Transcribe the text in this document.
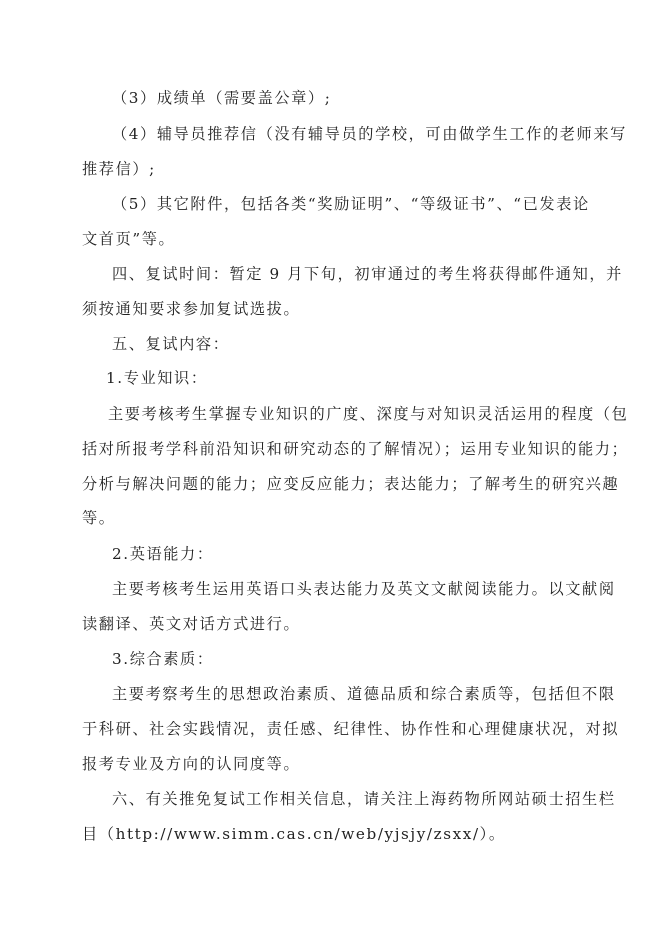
（3）成绩单（需要盖公章）;
（4）辅导员推荐信（没有辅导员的学校，可由做学生工作的老师来写
推荐信）;
（5）其它附件，包括各类“奖励证明”、“等级证书”、“已发表论
文首页”等。
四、复试时间：暂定 9 月下旬，初审通过的考生将获得邮件通知，并
须按通知要求参加复试选拔。
五、复试内容：
1.专业知识：
主要考核考生掌握专业知识的广度、深度与对知识灵活运用的程度（包
括对所报考学科前沿知识和研究动态的了解情况）；运用专业知识的能力；
分析与解决问题的能力；应变反应能力；表达能力；了解考生的研究兴趣
等。
2.英语能力：
主要考核考生运用英语口头表达能力及英文文献阅读能力。以文献阅
读翻译、英文对话方式进行。
3.综合素质：
主要考察考生的思想政治素质、道德品质和综合素质等，包括但不限
于科研、社会实践情况，责任感、纪律性、协作性和心理健康状况，对拟
报考专业及方向的认同度等。
六、有关推免复试工作相关信息，请关注上海药物所网站硕士招生栏
目（http://www.simm.cas.cn/web/yjsjy/zsxx/）。
